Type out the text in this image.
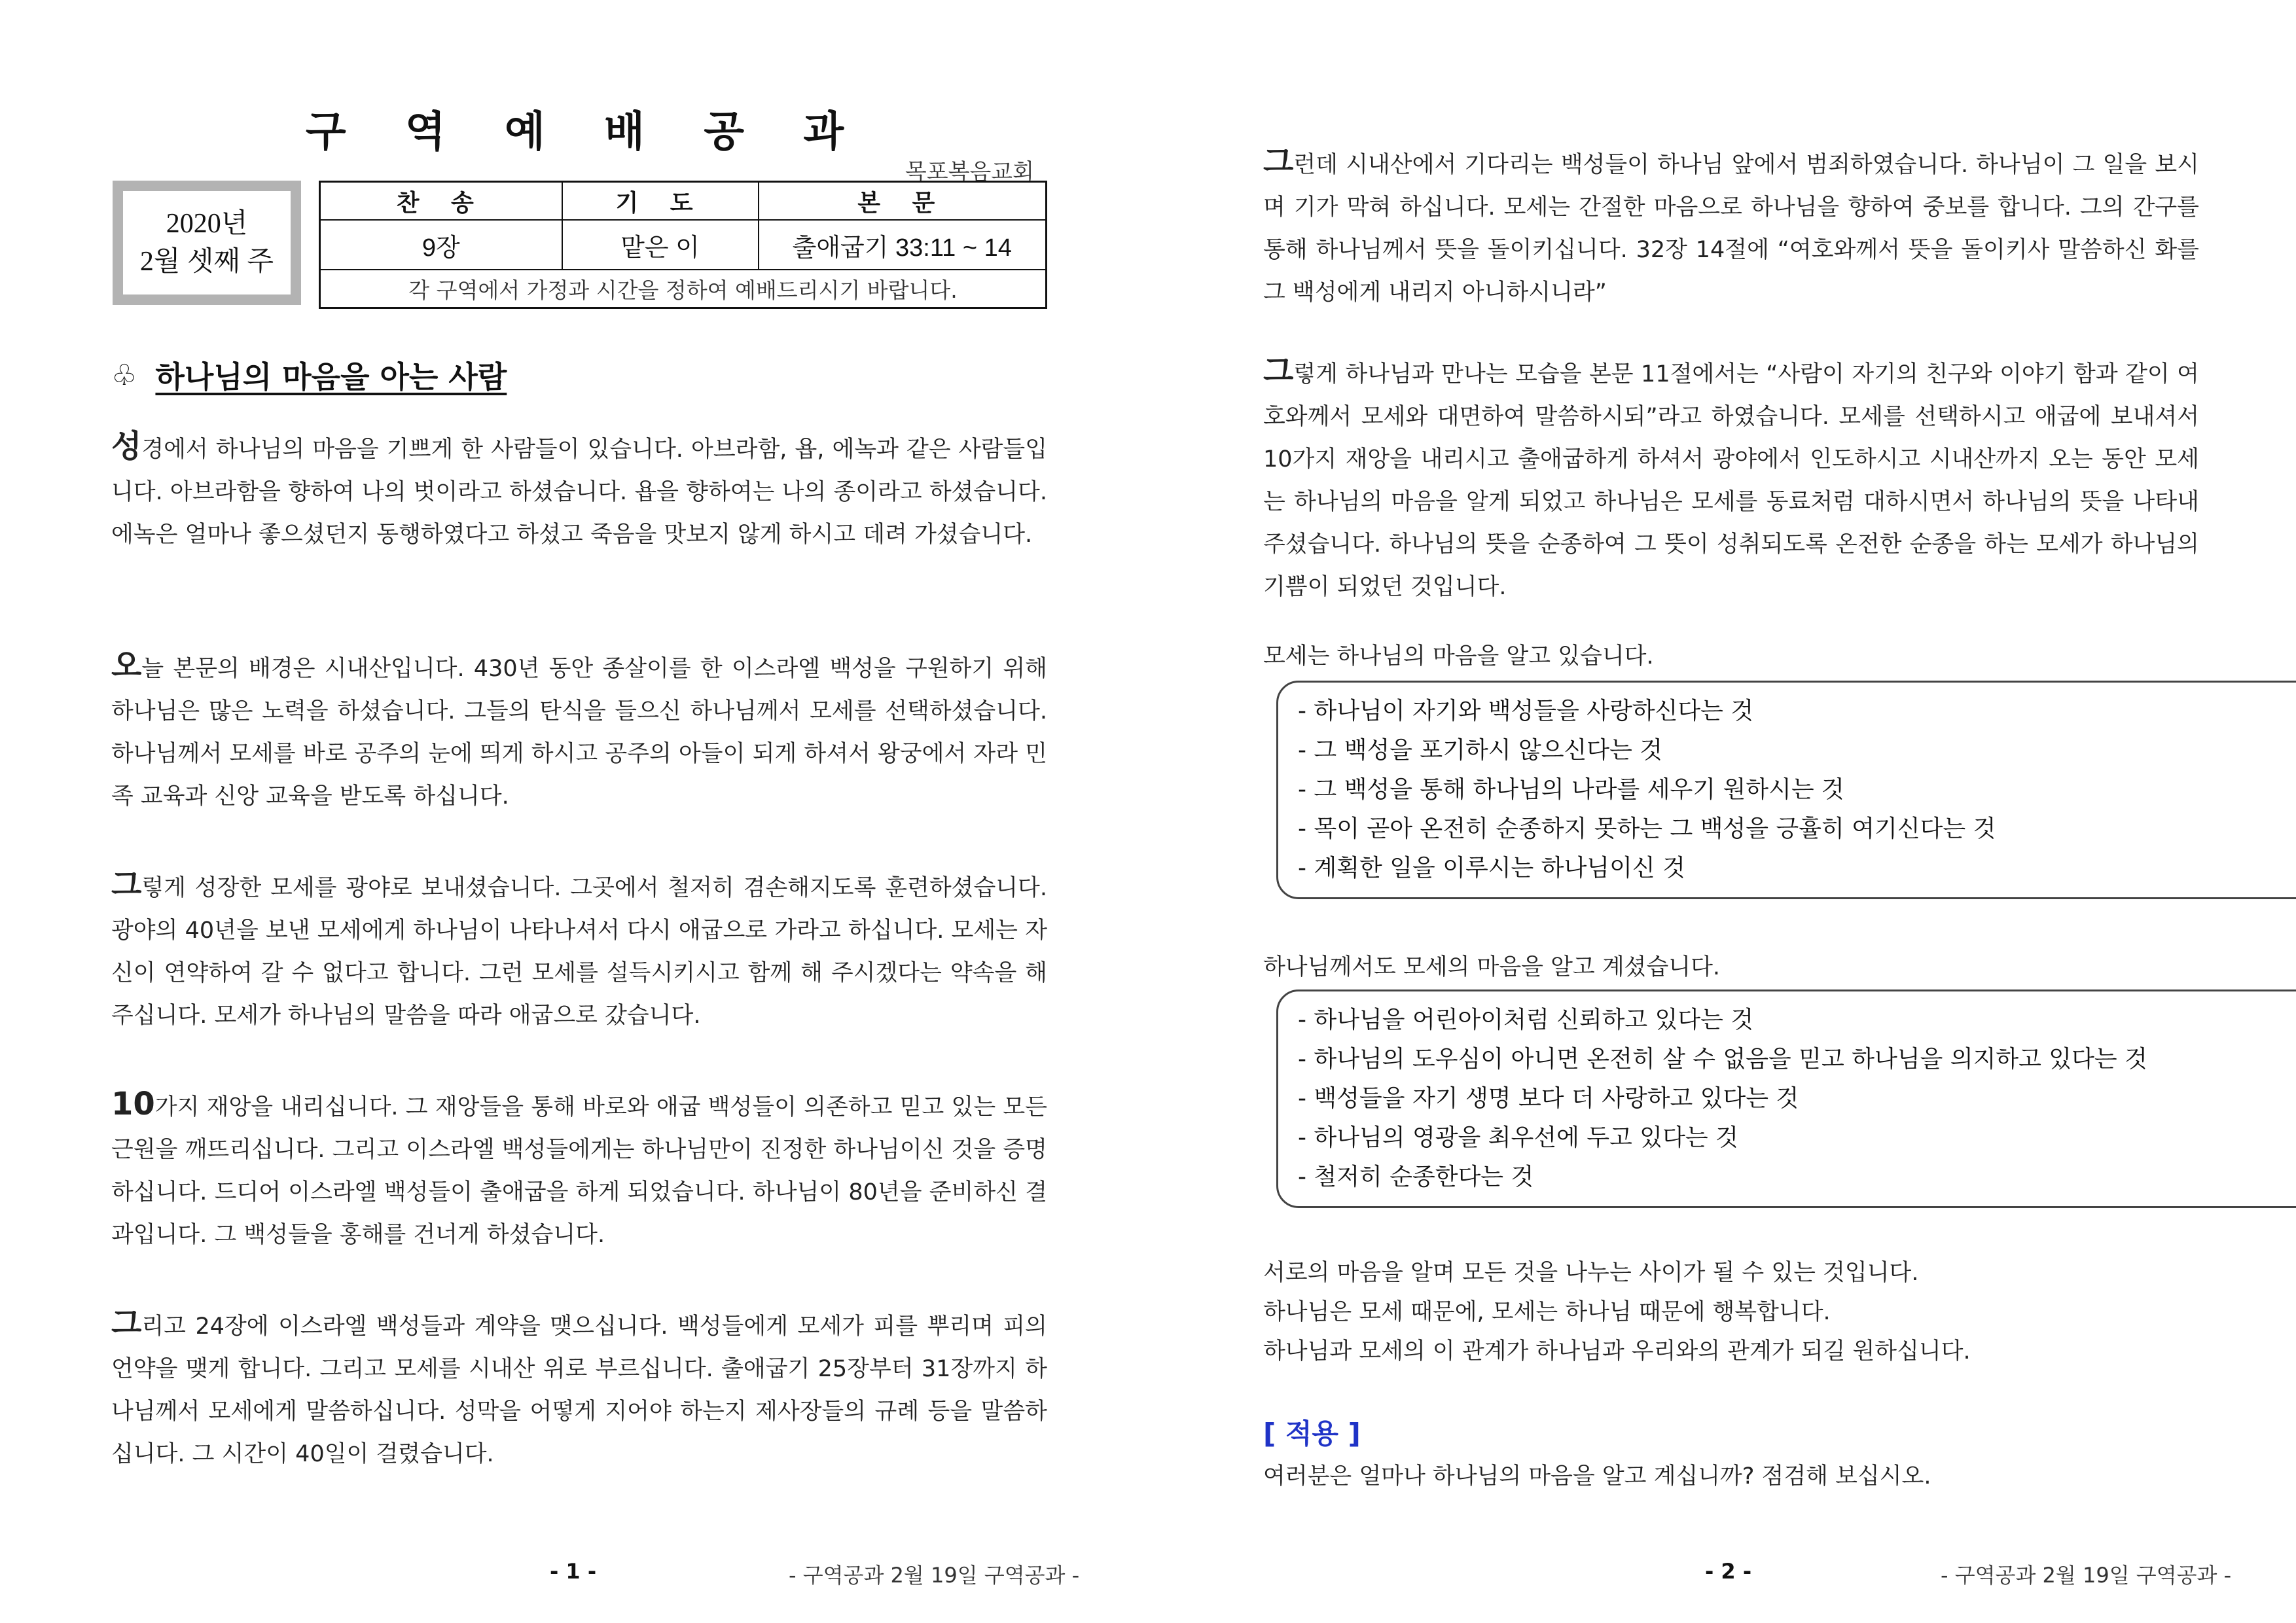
구 역 예 배 공 과
목포복음교회
2020년
2월 셋째 주
찬 송	기 도	본 문
9장	맡은 이	출애굽기 33:11 ~ 14
각 구역에서 가정과 시간을 정하여 예배드리시기 바랍니다.		
♧ 하나님의 마음을 아는 사람

성경에서 하나님의 마음을 기쁘게 한 사람들이 있습니다. 아브라함, 욥, 에녹과 같은 사람들입니다. 아브라함을 향하여 나의 벗이라고 하셨습니다. 욥을 향하여는 나의 종이라고 하셨습니다. 에녹은 얼마나 좋으셨던지 동행하였다고 하셨고 죽음을 맛보지 않게 하시고 데려 가셨습니다.

오늘 본문의 배경은 시내산입니다. 430년 동안 종살이를 한 이스라엘 백성을 구원하기 위해 하나님은 많은 노력을 하셨습니다. 그들의 탄식을 들으신 하나님께서 모세를 선택하셨습니다. 하나님께서 모세를 바로 공주의 눈에 띄게 하시고 공주의 아들이 되게 하셔서 왕궁에서 자라 민족 교육과 신앙 교육을 받도록 하십니다.

그렇게 성장한 모세를 광야로 보내셨습니다. 그곳에서 철저히 겸손해지도록 훈련하셨습니다. 광야의 40년을 보낸 모세에게 하나님이 나타나셔서 다시 애굽으로 가라고 하십니다. 모세는 자신이 연약하여 갈 수 없다고 합니다. 그런 모세를 설득시키시고 함께 해 주시겠다는 약속을 해 주십니다. 모세가 하나님의 말씀을 따라 애굽으로 갔습니다.

10가지 재앙을 내리십니다. 그 재앙들을 통해 바로와 애굽 백성들이 의존하고 믿고 있는 모든 근원을 깨뜨리십니다. 그리고 이스라엘 백성들에게는 하나님만이 진정한 하나님이신 것을 증명하십니다. 드디어 이스라엘 백성들이 출애굽을 하게 되었습니다. 하나님이 80년을 준비하신 결과입니다. 그 백성들을 홍해를 건너게 하셨습니다.

그리고 24장에 이스라엘 백성들과 계약을 맺으십니다. 백성들에게 모세가 피를 뿌리며 피의 언약을 맺게 합니다. 그리고 모세를 시내산 위로 부르십니다. 출애굽기 25장부터 31장까지 하나님께서 모세에게 말씀하십니다. 성막을 어떻게 지어야 하는지 제사장들의 규례 등을 말씀하십니다. 그 시간이 40일이 걸렸습니다.

- 1 -	- 구역공과 2월 19일 구역공과 -

그런데 시내산에서 기다리는 백성들이 하나님 앞에서 범죄하였습니다. 하나님이 그 일을 보시며 기가 막혀 하십니다. 모세는 간절한 마음으로 하나님을 향하여 중보를 합니다. 그의 간구를 통해 하나님께서 뜻을 돌이키십니다. 32장 14절에 “여호와께서 뜻을 돌이키사 말씀하신 화를 그 백성에게 내리지 아니하시니라”

그렇게 하나님과 만나는 모습을 본문 11절에서는 “사람이 자기의 친구와 이야기 함과 같이 여호와께서 모세와 대면하여 말씀하시되”라고 하였습니다. 모세를 선택하시고 애굽에 보내셔서 10가지 재앙을 내리시고 출애굽하게 하셔서 광야에서 인도하시고 시내산까지 오는 동안 모세는 하나님의 마음을 알게 되었고 하나님은 모세를 동료처럼 대하시면서 하나님의 뜻을 나타내 주셨습니다. 하나님의 뜻을 순종하여 그 뜻이 성취되도록 온전한 순종을 하는 모세가 하나님의 기쁨이 되었던 것입니다.

모세는 하나님의 마음을 알고 있습니다.

- 하나님이 자기와 백성들을 사랑하신다는 것
- 그 백성을 포기하시 않으신다는 것
- 그 백성을 통해 하나님의 나라를 세우기 원하시는 것
- 목이 곧아 온전히 순종하지 못하는 그 백성을 긍휼히 여기신다는 것
- 계획한 일을 이루시는 하나님이신 것

하나님께서도 모세의 마음을 알고 계셨습니다.

- 하나님을 어린아이처럼 신뢰하고 있다는 것
- 하나님의 도우심이 아니면 온전히 살 수 없음을 믿고 하나님을 의지하고 있다는 것
- 백성들을 자기 생명 보다 더 사랑하고 있다는 것
- 하나님의 영광을 최우선에 두고 있다는 것
- 철저히 순종한다는 것
서로의 마음을 알며 모든 것을 나누는 사이가 될 수 있는 것입니다.
하나님은 모세 때문에, 모세는 하나님 때문에 행복합니다.
하나님과 모세의 이 관계가 하나님과 우리와의 관계가 되길 원하십니다.
[ 적용 ]
여러분은 얼마나 하나님의 마음을 알고 계십니까? 점검해 보십시오.
- 2 -	- 구역공과 2월 19일 구역공과 -
